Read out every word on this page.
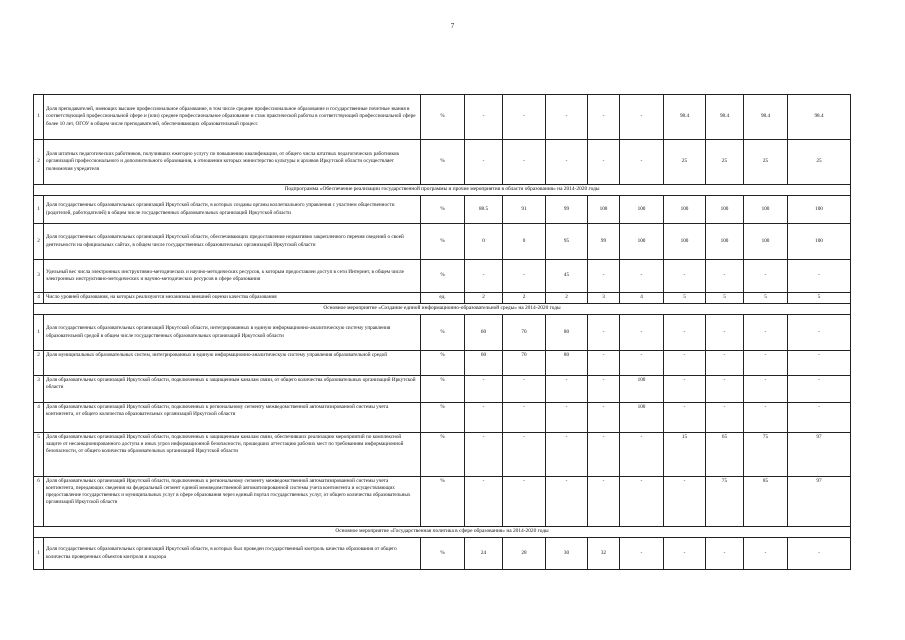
7
1	Доля преподавателей, имеющих высшее профессиональное образование, в том числе среднее профессиональное образование и государственные почетные звания в соответствующей профессиональной сфере и (или) среднее профессиональное образование и стаж практической работы в соответствующей профессиональной сфере более 10 лет, ОГОУ в общем числе преподавателей, обеспечивающих образовательный процесс	%	-	-	-	-	-	98.4	98.4	98.4	98.4
2	Доля штатных педагогических работников, получивших ежегодно услугу по повышению квалификации, от общего числа штатных педагогических работников организаций профессионального и дополнительного образования, в отношении которых министерство культуры и архивов Иркутской области осуществляет полномочия учредителя	%	-	-	-	-	-	25	25	25	25
Подпрограмма «Обеспечение реализации государственной программы и прочие мероприятия в области образования» на 2014-2020 годы											
1	Доля государственных образовательных организаций Иркутской области, в которых созданы органы коллегиального управления с участием общественности (родителей, работодателей) в общем числе государственных образовательных организаций Иркутской области	%	88.5	91	99	100	100	100	100	100	100
2	Доля государственных образовательных организаций Иркутской области, обеспечивающих предоставление нормативно закрепленного перечня сведений о своей деятельности на официальных сайтах, в общем числе государственных образовательных организаций Иркутской области	%	0	0	95	99	100	100	100	100	100
3	Удельный вес числа электронных инструктивно-методических и научно-методических ресурсов, к которым предоставлен доступ в сети Интернет, в общем числе электронных инструктивно-методических и научно-методических ресурсов в сфере образования	%	-	-	45	-	-	-	-	-	-
4	Число уровней образования, на которых реализуются механизмы внешней оценки качества образования	ед.	2	2	2	3	4	5	5	5	5
Основное мероприятие «Создание единой информационно-образовательной среды» на 2014-2020 годы											
1	Доля государственных образовательных организаций Иркутской области, интегрированных в единую информационно-аналитическую систему управления образовательной средой в общем числе государственных образовательных организаций Иркутской области	%	60	70	80	-	-	-	-	-	-
2	Доля муниципальных образовательных систем, интегрированных в единую информационно-аналитическую систему управления образовательной средой	%	60	70	80	-	-	-	-	-	-
3	Доля образовательных организаций Иркутской области, подключенных к защищенным каналам связи, от общего количества образовательных организаций Иркутской области	%	-	-	-	-	100	-	-	-	-
4	Доля образовательных организаций Иркутской области, подключенных к региональному сегменту межведомственной автоматизированной системы учета контингента, от общего количества образовательных организаций Иркутской области	%	-	-	-	-	100	-	-	-	-
5	Доля образовательных организаций Иркутской области, подключенных к защищенным каналам связи, обеспечивших реализацию мероприятий по комплексной защите от несанкционированного доступа и иных угроз информационной безопасности, прошедших аттестацию рабочих мест по требованиям информационной безопасности, от общего количества образовательных организаций Иркутской области	%	-	-	-	-	-	15	65	75	97
6	Доля образовательных организаций Иркутской области, подключенных к региональному сегменту межведомственной автоматизированной системы учета контингента, передающих сведения на федеральный сегмент единой межведомственной автоматизированной системы учета контингента и осуществляющих предоставление государственных и муниципальных услуг в сфере образования через единый портал государственных услуг, от общего количества образовательных организаций Иркутской области	%	-	-	-	-	-	-	75	85	97
Основное мероприятие «Государственная политика в сфере образования» на 2014-2020 годы											
1	Доля государственных образовательных организаций Иркутской области, в которых был проведен государственный контроль качества образования от общего количества проверенных объектов контроля и надзора	%	24	28	30	32	-	-	-	-	-
